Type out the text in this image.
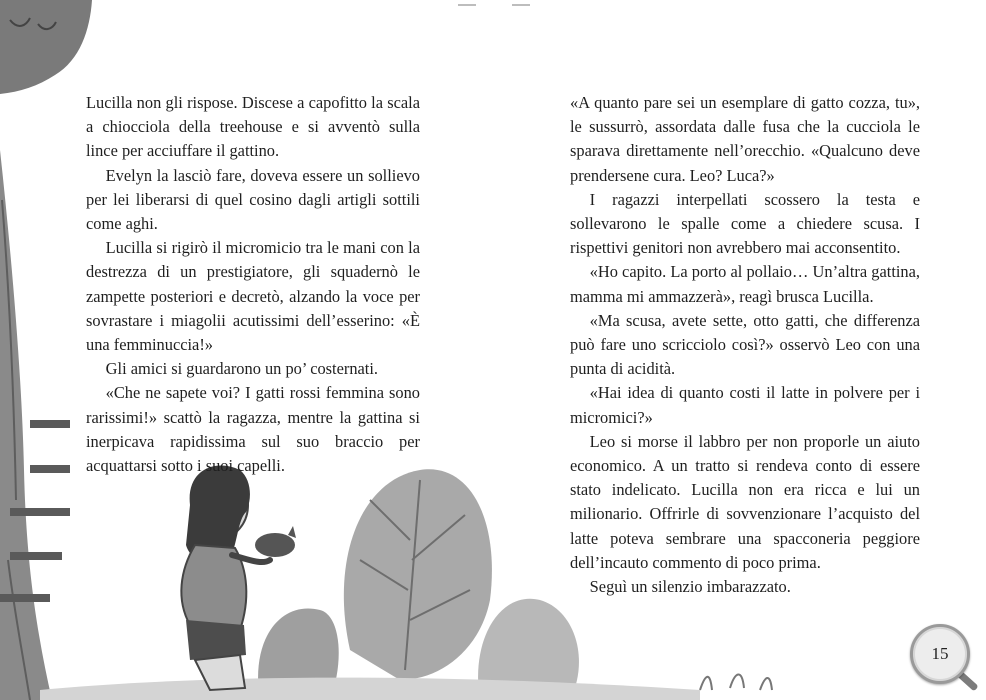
Lucilla non gli rispose. Discese a capofitto la scala a chiocciola della treehouse e si avventò sulla lince per acciuffare il gattino.

Evelyn la lasciò fare, doveva essere un sollievo per lei liberarsi di quel cosino dagli artigli sottili come aghi.

Lucilla si rigirò il micromicio tra le mani con la destrezza di un prestigiatore, gli squadernò le zampette posteriori e decretò, alzando la voce per sovrastare i miagolii acutissimi dell’esserino: «È una femminuccia!»

Gli amici si guardarono un po’ costernati.

«Che ne sapete voi? I gatti rossi femmina sono rarissimi!» scattò la ragazza, mentre la gattina si inerpicava rapidissima sul suo braccio per acquattarsi sotto i suoi capelli.

«A quanto pare sei un esemplare di gatto cozza, tu», le sussurrò, assordata dalle fusa che la cucciola le sparava direttamente nell’orecchio. «Qualcuno deve prendersene cura. Leo? Luca?»

I ragazzi interpellati scossero la testa e sollevarono le spalle come a chiedere scusa. I rispettivi genitori non avrebbero mai acconsentito.

«Ho capito. La porto al pollaio… Un’altra gattina, mamma mi ammazzerà», reagì brusca Lucilla.

«Ma scusa, avete sette, otto gatti, che differenza può fare uno scricciolo così?» osservò Leo con una punta di acidità.

«Hai idea di quanto costi il latte in polvere per i micromici?»

Leo si morse il labbro per non proporle un aiuto economico. A un tratto si rendeva conto di essere stato indelicato. Lucilla non era ricca e lui un milionario. Offrirle di sovvenzionare l’acquisto del latte poteva sembrare una spacconeria peggiore dell’incauto commento di poco prima.

Seguì un silenzio imbarazzato.

15
